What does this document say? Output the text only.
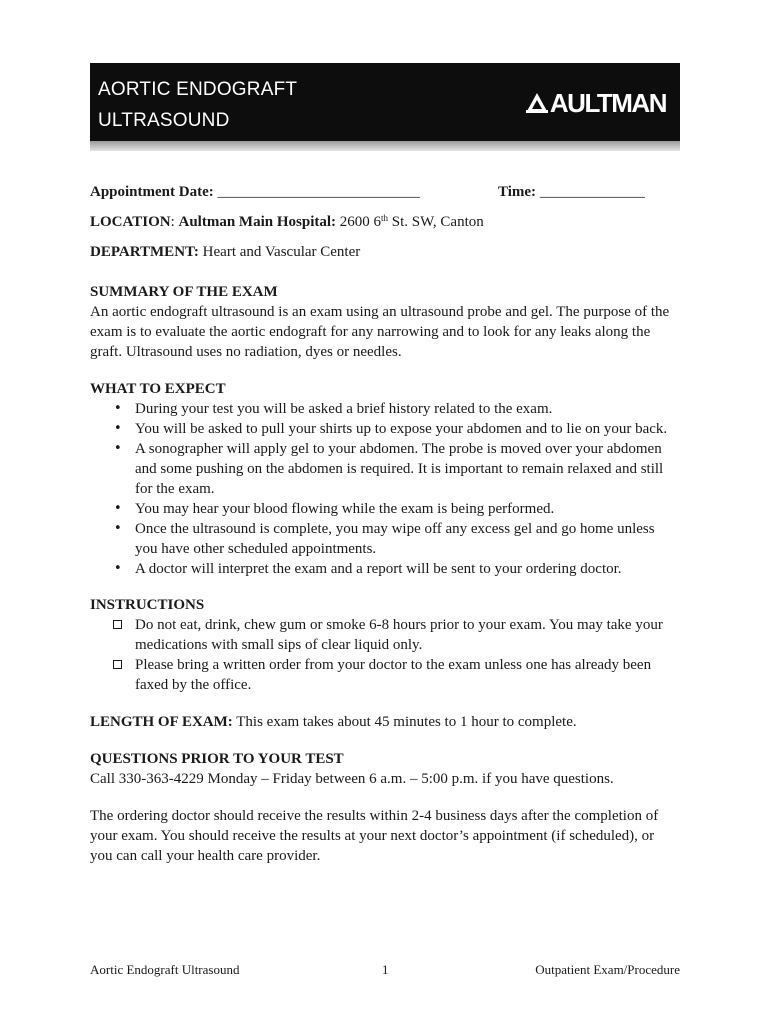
AORTIC ENDOGRAFT
ULTRASOUND
AULTMAN
Appointment Date: ___________________________	Time: ______________
LOCATION: Aultman Main Hospital: 2600 6th St. SW, Canton
DEPARTMENT: Heart and Vascular Center
SUMMARY OF THE EXAM

An aortic endograft ultrasound is an exam using an ultrasound probe and gel. The purpose of the exam is to evaluate the aortic endograft for any narrowing and to look for any leaks along the graft. Ultrasound uses no radiation, dyes or needles.

WHAT TO EXPECT
• During your test you will be asked a brief history related to the exam.
• You will be asked to pull your shirts up to expose your abdomen and to lie on your back.
• A sonographer will apply gel to your abdomen. The probe is moved over your abdomen and some pushing on the abdomen is required. It is important to remain relaxed and still for the exam.
• You may hear your blood flowing while the exam is being performed.
• Once the ultrasound is complete, you may wipe off any excess gel and go home unless you have other scheduled appointments.
• A doctor will interpret the exam and a report will be sent to your ordering doctor.
INSTRUCTIONS
Do not eat, drink, chew gum or smoke 6-8 hours prior to your exam. You may take your medications with small sips of clear liquid only.
Please bring a written order from your doctor to the exam unless one has already been faxed by the office.

LENGTH OF EXAM: This exam takes about 45 minutes to 1 hour to complete.

QUESTIONS PRIOR TO YOUR TEST

Call 330-363-4229 Monday – Friday between 6 a.m. – 5:00 p.m. if you have questions.

The ordering doctor should receive the results within 2-4 business days after the completion of your exam. You should receive the results at your next doctor’s appointment (if scheduled), or you can call your health care provider.

Aortic Endograft Ultrasound	1	Outpatient Exam/Procedure
